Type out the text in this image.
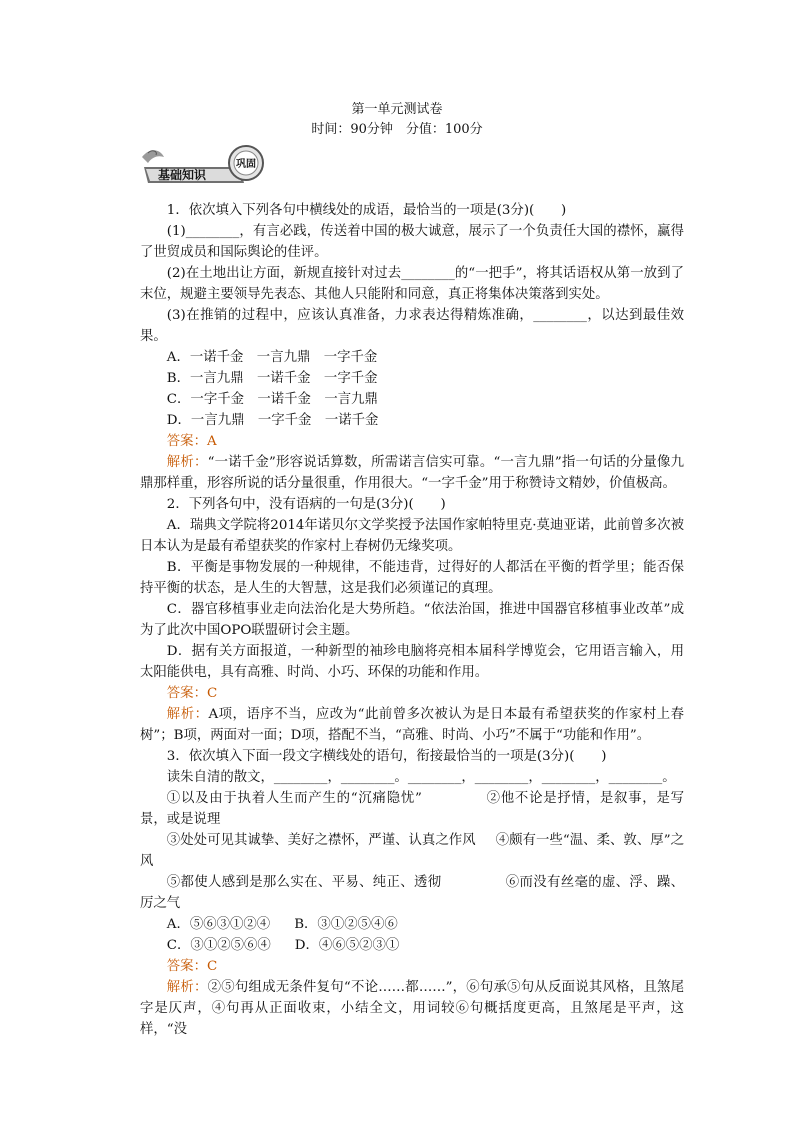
第一单元测试卷
时间：90分钟　分值：100分
基础知识
巩固

1．依次填入下列各句中横线处的成语，最恰当的一项是(3分)(　　)

(1)________，有言必践，传送着中国的极大诚意，展示了一个负责任大国的襟怀，赢得了世贸成员和国际舆论的佳评。

(2)在土地出让方面，新规直接针对过去________的“一把手”，将其话语权从第一放到了末位，规避主要领导先表态、其他人只能附和同意，真正将集体决策落到实处。

(3)在推销的过程中，应该认真准备，力求表达得精炼准确，________，以达到最佳效果。

A．一诺千金　一言九鼎　一字千金

B．一言九鼎　一诺千金　一字千金

C．一字千金　一诺千金　一言九鼎

D．一言九鼎　一字千金　一诺千金

答案：A

解析：“一诺千金”形容说话算数，所需诺言信实可靠。“一言九鼎”指一句话的分量像九鼎那样重，形容所说的话分量很重，作用很大。“一字千金”用于称赞诗文精妙，价值极高。

2．下列各句中，没有语病的一句是(3分)(　　)

A．瑞典文学院将2014年诺贝尔文学奖授予法国作家帕特里克·莫迪亚诺，此前曾多次被日本认为是最有希望获奖的作家村上春树仍无缘奖项。

B．平衡是事物发展的一种规律，不能违背，过得好的人都活在平衡的哲学里；能否保持平衡的状态，是人生的大智慧，这是我们必须谨记的真理。

C．器官移植事业走向法治化是大势所趋。“依法治国，推进中国器官移植事业改革”成为了此次中国OPO联盟研讨会主题。

D．据有关方面报道，一种新型的袖珍电脑将亮相本届科学博览会，它用语言输入，用太阳能供电，具有高雅、时尚、小巧、环保的功能和作用。

答案：C

解析：A项，语序不当，应改为“此前曾多次被认为是日本最有希望获奖的作家村上春树”；B项，两面对一面；D项，搭配不当，“高雅、时尚、小巧”不属于“功能和作用”。

3．依次填入下面一段文字横线处的语句，衔接最恰当的一项是(3分)(　　)

读朱自清的散文，________，________。________，________，________，________。

①以及由于执着人生而产生的“沉痛隐忧”	②他不论是抒情，是叙事，是写景，或是说理

③处处可见其诚挚、美好之襟怀，严谨、认真之作风 ④颇有一些“温、柔、敦、厚”之风

⑤都使人感到是那么实在、平易、纯正、透彻	⑥而没有丝毫的虚、浮、躁、厉之气

A．⑤⑥③①②④ B．③①②⑤④⑥

C．③①②⑤⑥④ D．④⑥⑤②③①

答案：C

解析：②⑤句组成无条件复句“不论……都……”，⑥句承⑤句从反面说其风格，且煞尾字是仄声，④句再从正面收束，小结全文，用词较⑥句概括度更高，且煞尾是平声，这样，“没
